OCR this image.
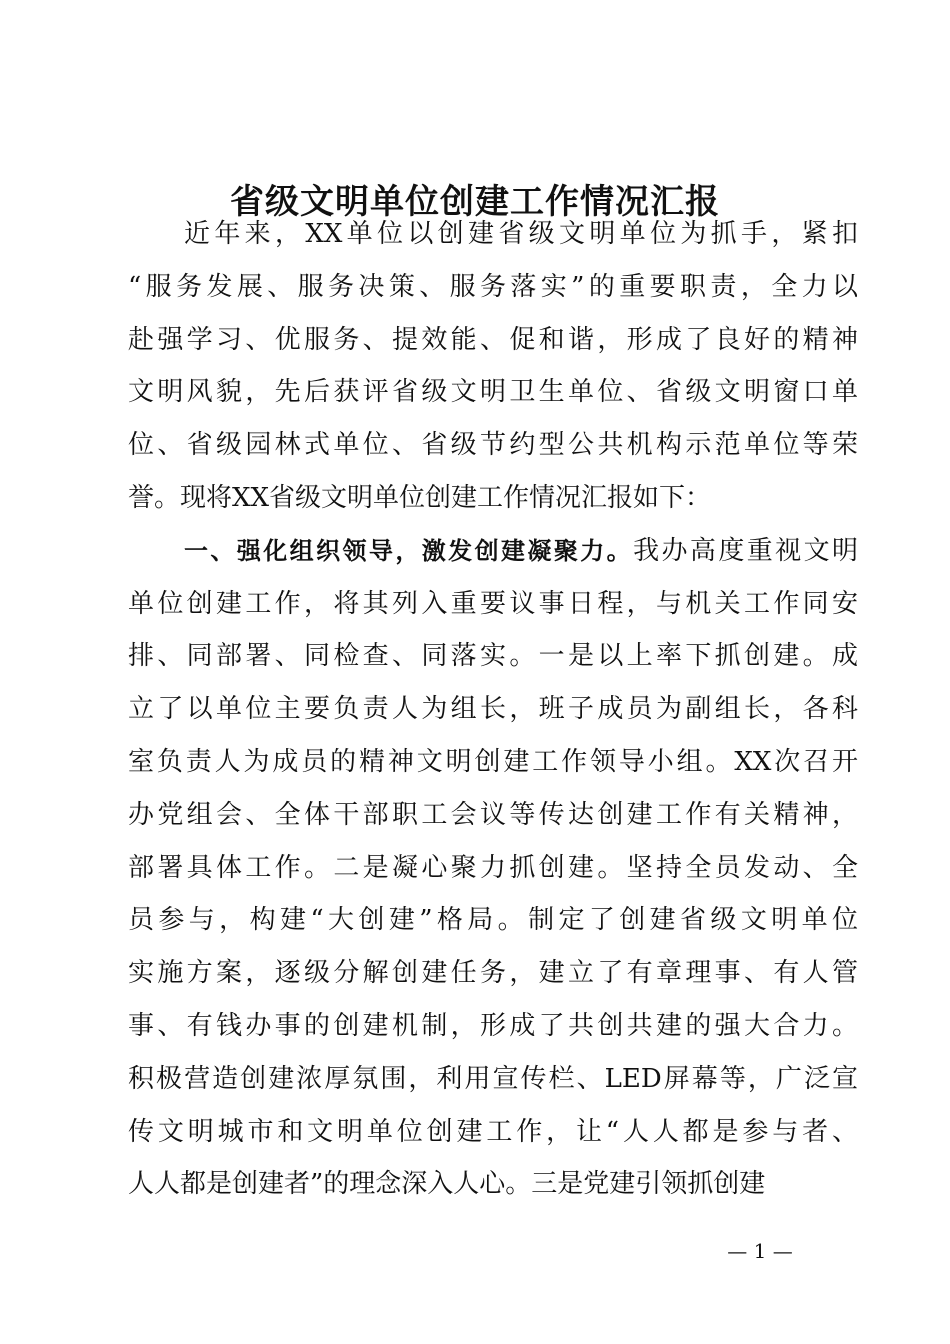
省级文明单位创建工作情况汇报
近年来，XX单位以创建省级文明单位为抓手，紧扣
“服务发展、服务决策、服务落实”的重要职责，全力以
赴强学习、优服务、提效能、促和谐，形成了良好的精神
文明风貌，先后获评省级文明卫生单位、省级文明窗口单
位、省级园林式单位、省级节约型公共机构示范单位等荣
誉。现将XX省级文明单位创建工作情况汇报如下：
一、强化组织领导，激发创建凝聚力。我办高度重视文明
单位创建工作，将其列入重要议事日程，与机关工作同安
排、同部署、同检查、同落实。一是以上率下抓创建。成
立了以单位主要负责人为组长，班子成员为副组长，各科
室负责人为成员的精神文明创建工作领导小组。XX次召开
办党组会、全体干部职工会议等传达创建工作有关精神，
部署具体工作。二是凝心聚力抓创建。坚持全员发动、全
员参与，构建“大创建”格局。制定了创建省级文明单位
实施方案，逐级分解创建任务，建立了有章理事、有人管
事、有钱办事的创建机制，形成了共创共建的强大合力。
积极营造创建浓厚氛围，利用宣传栏、LED屏幕等，广泛宣
传文明城市和文明单位创建工作，让“人人都是参与者、
人人都是创建者”的理念深入人心。三是党建引领抓创建
— 1 —
